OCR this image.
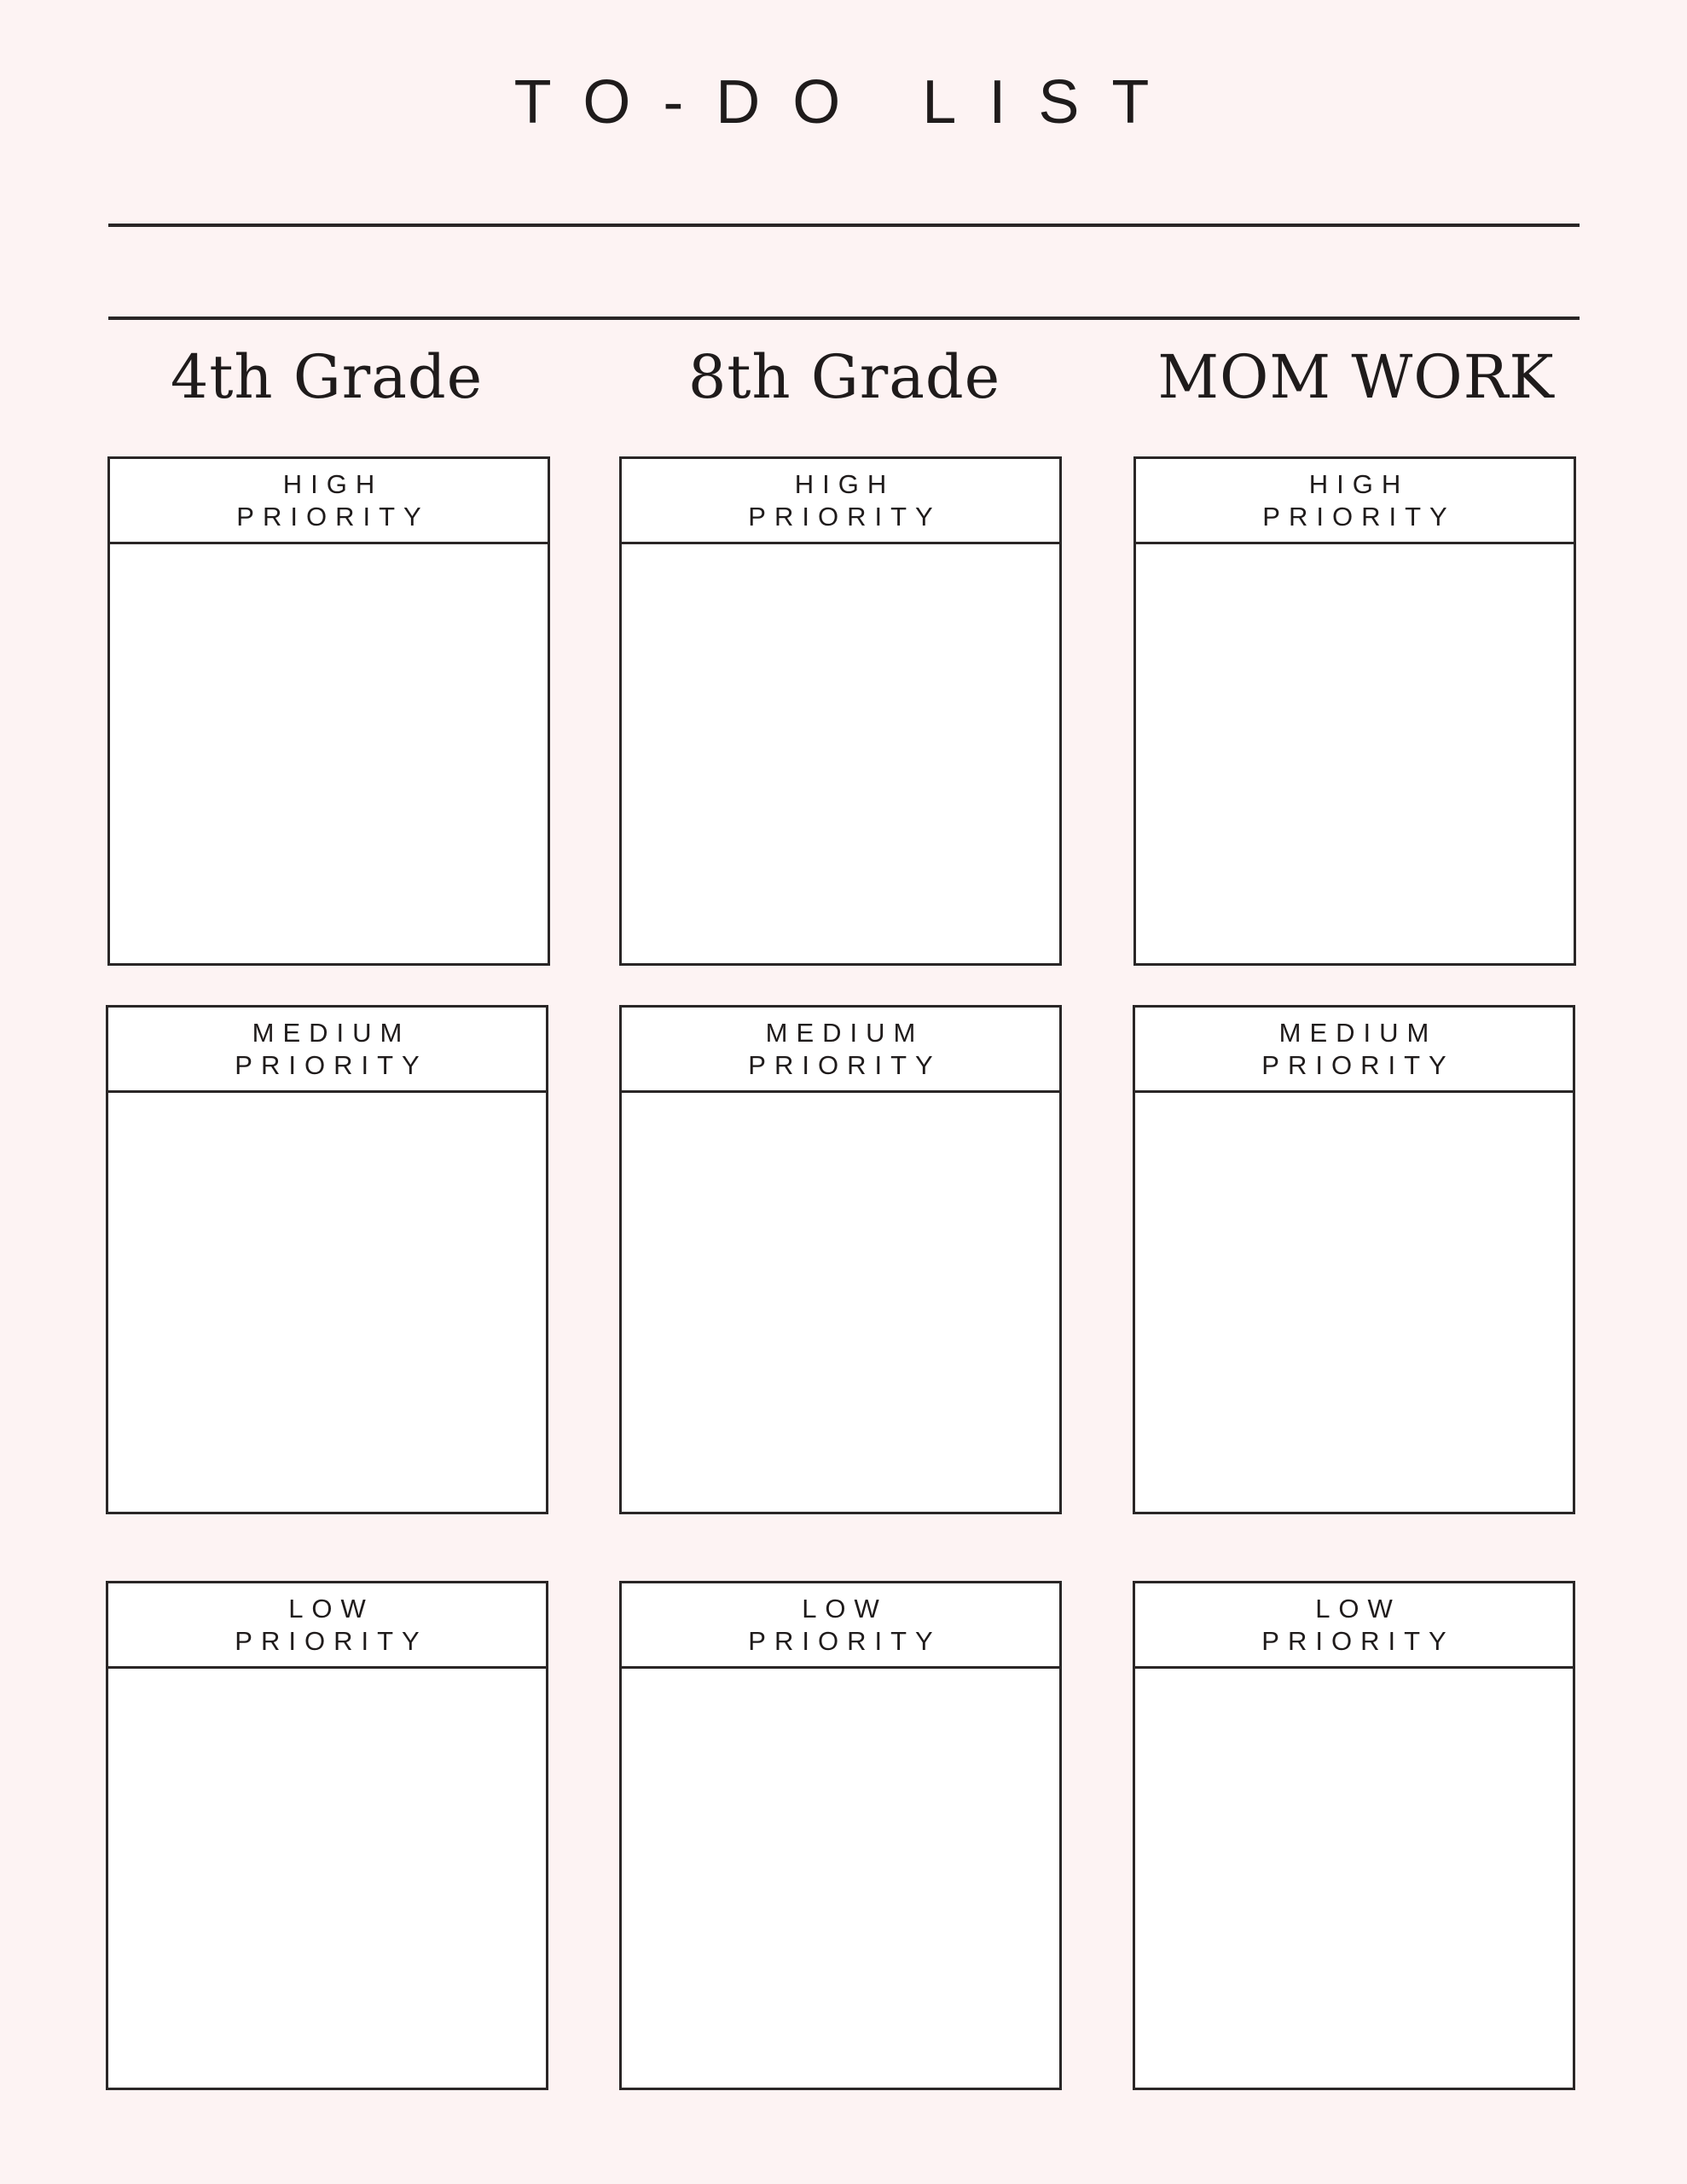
TO-DO LIST
4th Grade	8th Grade	MOM WORK
HIGH
PRIORITY
MEDIUM
PRIORITY
LOW
PRIORITY
HIGH
PRIORITY
MEDIUM
PRIORITY
LOW
PRIORITY
HIGH
PRIORITY
MEDIUM
PRIORITY
LOW
PRIORITY
